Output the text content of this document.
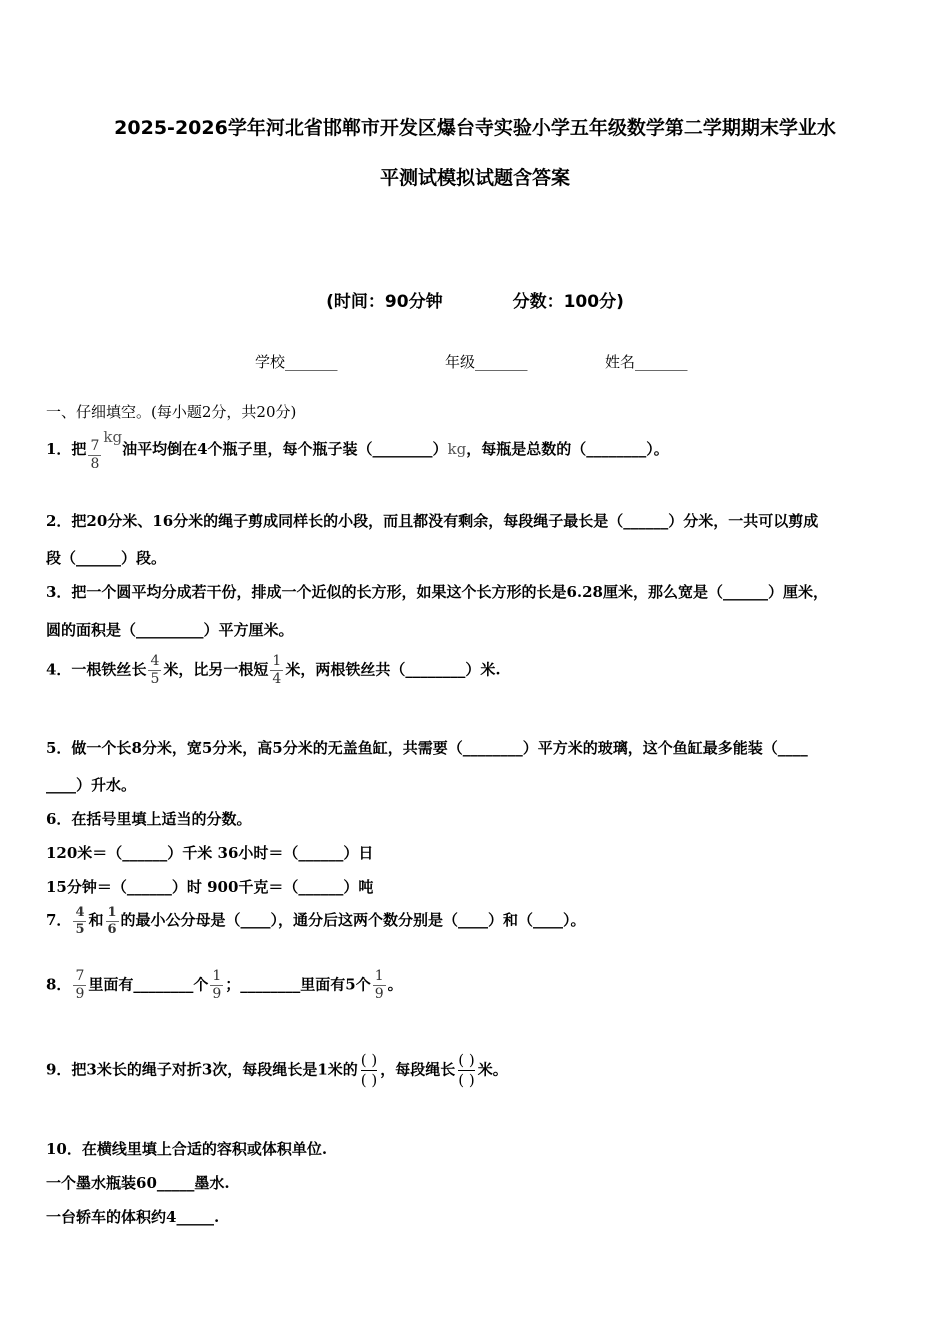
2025-2026学年河北省邯郸市开发区爆台寺实验小学五年级数学第二学期期末学业水
平测试模拟试题含答案
(时间：90分钟	分数：100分)
学校_______	年级_______	姓名_______
一、仔细填空。(每小题2分，共20分)
1．把 $\frac{7}{8}$
kg油平均倒在4个瓶子里，每个瓶子装（________）kg，每瓶是总数的（________）。
2．把20分米、16分米的绳子剪成同样长的小段，而且都没有剩余，每段绳子最长是（______）分米，一共可以剪成
段（______）段。
3．把一个圆平均分成若干份，排成一个近似的长方形，如果这个长方形的长是6.28厘米，那么宽是（______）厘米，
圆的面积是（_________）平方厘米。
4．一根铁丝长 $\frac{4}{5}$ 米，比另一根短 $\frac{1}{4}$ 米，两根铁丝共（________）米.
5．做一个长8分米，宽5分米，高5分米的无盖鱼缸，共需要（________）平方米的玻璃，这个鱼缸最多能装（____
____）升水。
6．在括号里填上适当的分数。
120米＝（______）千米 36小时＝（______）日
15分钟＝（______）时 900千克＝（______）吨
7． $\frac{4}{5}$ 和 $\frac{1}{6}$ 的最小公分母是（____），通分后这两个数分别是（____）和（____）。
8． $\frac{7}{9}$ 里面有________个 $\frac{1}{9}$ ；________里面有5个 $\frac{1}{9}$ 。
9．把3米长的绳子对折3次，每段绳长是1米的 $\frac{( )}{( )}$ ，每段绳长 $\frac{( )}{( )}$ 米。
10．在横线里填上合适的容积或体积单位.
一个墨水瓶装60_____墨水.
一台轿车的体积约4_____.
